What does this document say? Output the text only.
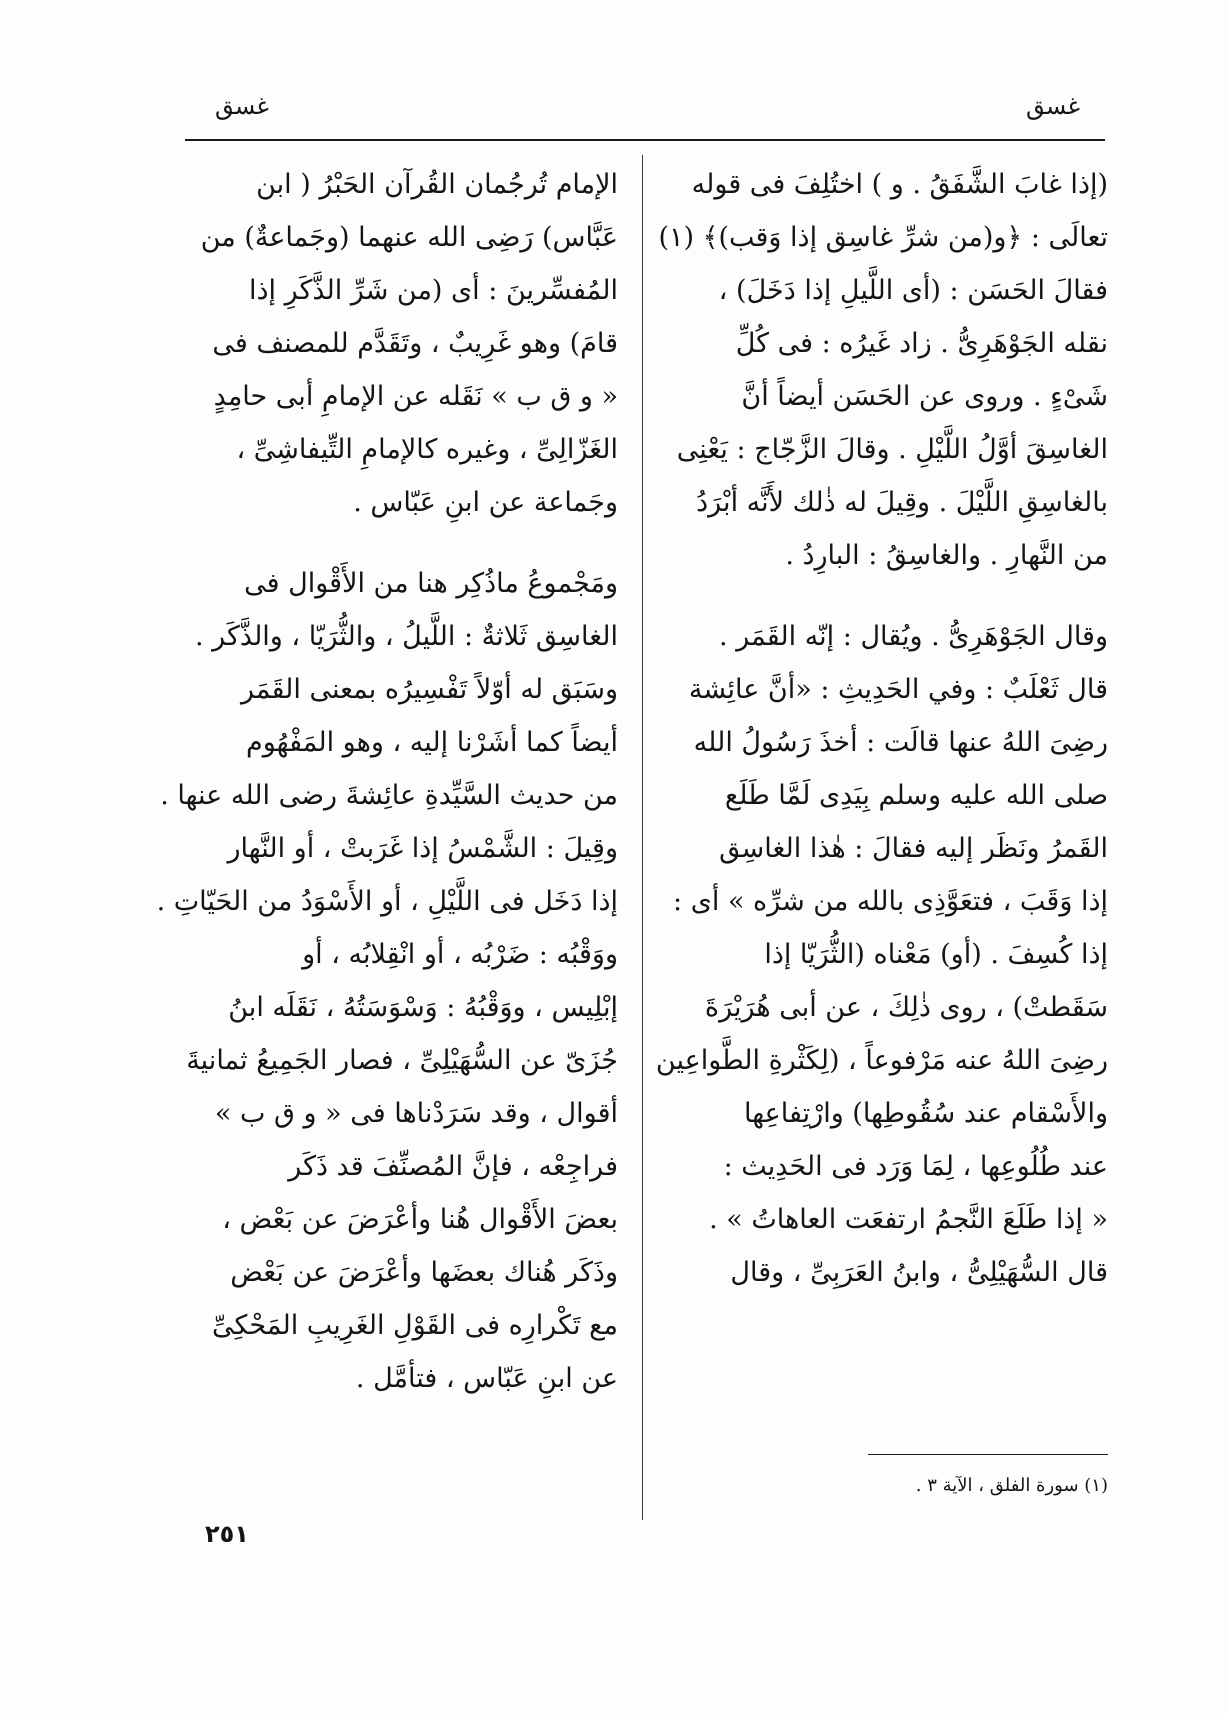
غسق
غسق
(إذا غابَ الشَّفَقُ . و ) اختُلِفَ فى قوله
تعالَى : ﴿و(من شرِّ غاسِق إذا وَقب)﴾ (١)
فقالَ الحَسَن : (أى اللَّيلِ إذا دَخَلَ) ،
نقله الجَوْهَرِىُّ . زاد غَيرُه : فى كُلِّ
شَىْءٍ . وروى عن الحَسَن أيضاً أنَّ
الغاسِقَ أوَّلُ اللَّيْلِ . وقالَ الزَّجّاج : يَعْنِى
بالغاسِقِ اللَّيْلَ . وقِيلَ له ذٰلك لأَنَّه أبْرَدُ
من النَّهارِ . والغاسِقُ : البارِدُ .
وقال الجَوْهَرِىُّ . ويُقال : إنّه القَمَر .
قال ثَعْلَبٌ : وفي الحَدِيثِ : «أنَّ عائِشة
رضِىَ اللهُ عنها قالَت : أخذَ رَسُولُ الله
صلى الله عليه وسلم بِيَدِى لَمَّا طَلَع
القَمرُ ونَظَر إليه فقالَ : هٰذا الغاسِق
إذا وَقَبَ ، فتعَوَّذِى بالله من شرِّه » أى :
إذا كُسِفَ . (أو) مَعْناه (الثُّرَيّا إذا
سَقَطتْ) ، روى ذٰلِكَ ، عن أبى هُرَيْرَةَ
رضِىَ اللهُ عنه مَرْفوعاً ، (لِكَثْرةِ الطَّواعِين
والأَسْقام عند سُقُوطِها) وارْتِفاعِها
عند طُلُوعِها ، لِمَا وَرَد فى الحَدِيث :
« إذا طَلَعَ النَّجمُ ارتفعَت العاهاتُ » .
قال السُّهَيْلِىُّ ، وابنُ العَرَبِىِّ ، وقال
الإمام تُرجُمان القُرآن الحَبْرُ ( ابن
عَبَّاس) رَضِى الله عنهما (وجَماعةٌ) من
المُفسِّرينَ : أى (من شَرِّ الذَّكَرِ إذا
قامَ) وهو غَرِيبٌ ، وتَقَدَّم للمصنف فى
« و ق ب » نَقَله عن الإمامِ أبى حامِدٍ
الغَزّالِىِّ ، وغيره كالإمامِ التِّيفاشِىِّ ،
وجَماعة عن ابنِ عَبّاس .
ومَجْموعُ ماذُكِر هنا من الأَقْوال فى
الغاسِق ثَلاثةٌ : اللَّيلُ ، والثُّرَيّا ، والذَّكَر .
وسَبَق له أوّلاً تَفْسِيرُه بمعنى القَمَر
أيضاً كما أشَرْنا إليه ، وهو المَفْهُوم
من حديث السَّيِّدةِ عائِشةَ رضى الله عنها .
وقِيلَ : الشَّمْسُ إذا غَرَبتْ ، أو النَّهار
إذا دَخَل فى اللَّيْلِ ، أو الأَسْوَدُ من الحَيّاتِ .
ووَقْبُه : ضَرْبُه ، أو انْقِلابُه ، أو
إبْلِيس ، ووَقْبُهُ : وَسْوَسَتُهُ ، نَقَلَه ابنُ
جُزَىّ عن السُّهَيْلِىِّ ، فصار الجَمِيعُ ثمانيةَ
أقوال ، وقد سَرَدْناها فى « و ق ب »
فراجِعْه ، فإنَّ المُصنِّفَ قد ذَكَر
بعضَ الأَقْوال هُنا وأعْرَضَ عن بَعْض ،
وذَكَر هُناك بعضَها وأعْرَضَ عن بَعْض
مع تَكْرارِه فى القَوْلِ الغَرِيبِ المَحْكِىِّ
عن ابنِ عَبّاس ، فتأمَّل .
(١) سورة الفلق ، الآية ٣ .
٢٥١
